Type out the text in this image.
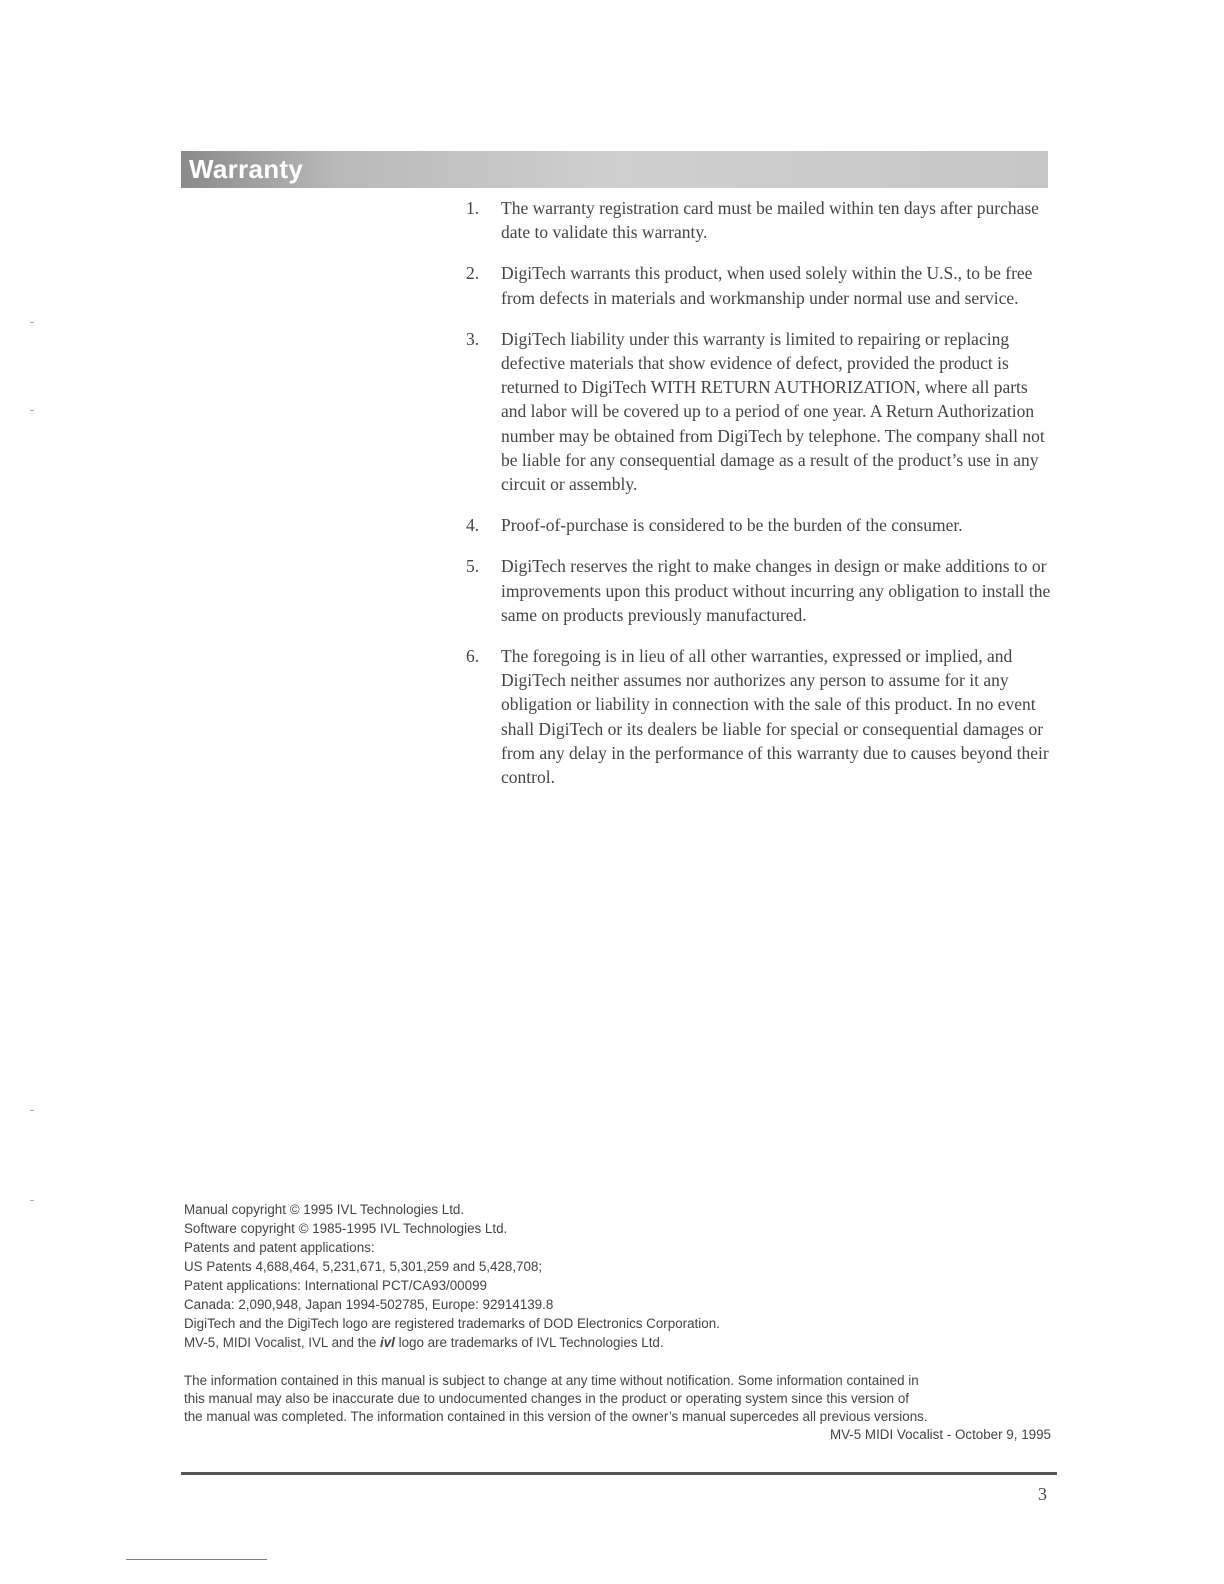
Warranty
1. The warranty registration card must be mailed within ten days after purchase date to validate this warranty.
2. DigiTech warrants this product, when used solely within the U.S., to be free from defects in materials and workmanship under normal use and service.
3. DigiTech liability under this warranty is limited to repairing or replacing defective materials that show evidence of defect, provided the product is returned to DigiTech WITH RETURN AUTHORIZATION, where all parts and labor will be covered up to a period of one year. A Return Authorization number may be obtained from DigiTech by telephone. The company shall not be liable for any consequential damage as a result of the product’s use in any circuit or assembly.
4. Proof-of-purchase is considered to be the burden of the consumer.
5. DigiTech reserves the right to make changes in design or make additions to or improvements upon this product without incurring any obligation to install the same on products previously manufactured.
6. The foregoing is in lieu of all other warranties, expressed or implied, and DigiTech neither assumes nor authorizes any person to assume for it any obligation or liability in connection with the sale of this product. In no event shall DigiTech or its dealers be liable for special or consequential damages or from any delay in the performance of this warranty due to causes beyond their control.
Manual copyright © 1995 IVL Technologies Ltd.
Software copyright © 1985-1995 IVL Technologies Ltd.
Patents and patent applications:
US Patents 4,688,464, 5,231,671, 5,301,259 and 5,428,708;
Patent applications: International PCT/CA93/00099
Canada: 2,090,948, Japan 1994-502785, Europe: 92914139.8
DigiTech and the DigiTech logo are registered trademarks of DOD Electronics Corporation.
MV-5, MIDI Vocalist, IVL and the ivl logo are trademarks of IVL Technologies Ltd.
The information contained in this manual is subject to change at any time without notification. Some information contained in
this manual may also be inaccurate due to undocumented changes in the product or operating system since this version of
the manual was completed. The information contained in this version of the owner’s manual supercedes all previous versions.
MV-5 MIDI Vocalist - October 9, 1995
3
